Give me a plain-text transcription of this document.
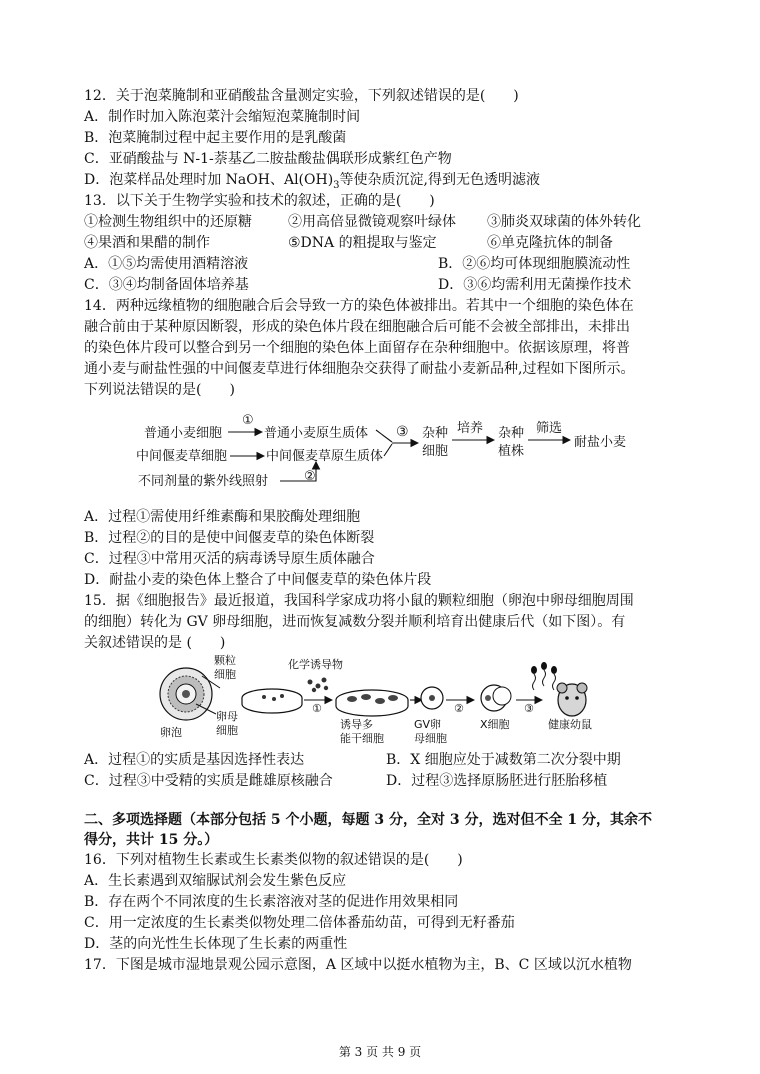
12．关于泡菜腌制和亚硝酸盐含量测定实验，下列叙述错误的是(　　)
A．制作时加入陈泡菜汁会缩短泡菜腌制时间
B．泡菜腌制过程中起主要作用的是乳酸菌
C．亚硝酸盐与 N-1-萘基乙二胺盐酸盐偶联形成紫红色产物
D．泡菜样品处理时加 NaOH、$Al(OH)_3$等使杂质沉淀,得到无色透明滤液
13．以下关于生物学实验和技术的叙述，正确的是(　　)
①检测生物组织中的还原糖	②用高倍显微镜观察叶绿体 ③肺炎双球菌的体外转化
④果酒和果醋的制作	⑤DNA 的粗提取与鉴定	⑥单克隆抗体的制备
A．①⑤均需使用酒精溶液	B．②⑥均可体现细胞膜流动性
C．③④均制备固体培养基	D．③⑥均需利用无菌操作技术
14．两种远缘植物的细胞融合后会导致一方的染色体被排出。若其中一个细胞的染色体在
融合前由于某种原因断裂，形成的染色体片段在细胞融合后可能不会被全部排出，未排出
的染色体片段可以整合到另一个细胞的染色体上面留存在杂种细胞中。依据该原理，将普
通小麦与耐盐性强的中间偃麦草进行体细胞杂交获得了耐盐小麦新品种,过程如下图所示。
下列说法错误的是(　　)
普通小麦细胞	普通小麦原生质体
中间偃麦草细胞	中间偃麦草原生质体
不同剂量的紫外线照射
①
②
③ 杂种
细胞
培养 杂种
植株
筛选
耐盐小麦
A．过程①需使用纤维素酶和果胶酶处理细胞
B．过程②的目的是使中间偃麦草的染色体断裂
C．过程③中常用灭活的病毒诱导原生质体融合
D．耐盐小麦的染色体上整合了中间偃麦草的染色体片段
15．据《细胞报告》最近报道，我国科学家成功将小鼠的颗粒细胞（卵泡中卵母细胞周围
的细胞）转化为 GV 卵母细胞，进而恢复减数分裂并顺利培育出健康后代（如下图）。有
关叙述错误的是 (　　)
颗粒
细胞
化学诱导物
卵泡
卵母
细胞
①
诱导多
能干细胞
GV卵
母细胞
②
X细胞
③
健康幼鼠
A．过程①的实质是基因选择性表达	B．X 细胞应处于减数第二次分裂中期
C．过程③中受精的实质是雌雄原核融合	D．过程③选择原肠胚进行胚胎移植
二、多项选择题（本部分包括 5 个小题，每题 3 分，全对 3 分，选对但不全 1 分，其余不
得分，共计 15 分。）
16．下列对植物生长素或生长素类似物的叙述错误的是(　　)
A．生长素遇到双缩脲试剂会发生紫色反应
B．存在两个不同浓度的生长素溶液对茎的促进作用效果相同
C．用一定浓度的生长素类似物处理二倍体番茄幼苗，可得到无籽番茄
D．茎的向光性生长体现了生长素的两重性
17．下图是城市湿地景观公园示意图，A 区域中以挺水植物为主，B、C 区域以沉水植物
第 3 页 共 9 页
